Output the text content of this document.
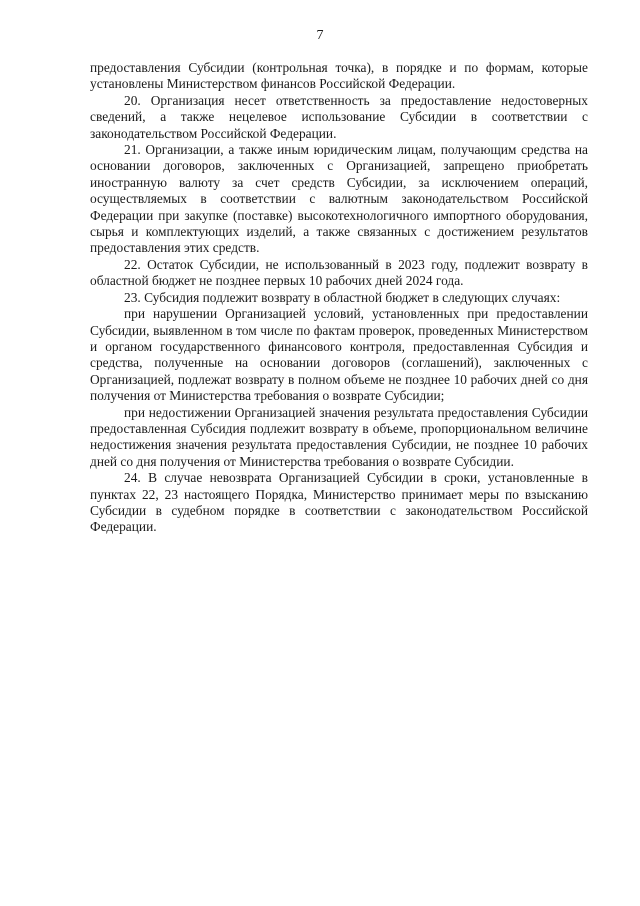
7

предоставления Субсидии (контрольная точка), в порядке и по формам, которые установлены Министерством финансов Российской Федерации.

20. Организация несет ответственность за предоставление недостоверных сведений, а также нецелевое использование Субсидии в соответствии с законодательством Российской Федерации.

21. Организации, а также иным юридическим лицам, получающим средства на основании договоров, заключенных с Организацией, запрещено приобретать иностранную валюту за счет средств Субсидии, за исключением операций, осуществляемых в соответствии с валютным законодательством Российской Федерации при закупке (поставке) высокотехнологичного импортного оборудования, сырья и комплектующих изделий, а также связанных с достижением результатов предоставления этих средств.

22. Остаток Субсидии, не использованный в 2023 году, подлежит возврату в областной бюджет не позднее первых 10 рабочих дней 2024 года.

23. Субсидия подлежит возврату в областной бюджет в следующих случаях:

при нарушении Организацией условий, установленных при предоставлении Субсидии, выявленном в том числе по фактам проверок, проведенных Министерством и органом государственного финансового контроля, предоставленная Субсидия и средства, полученные на основании договоров (соглашений), заключенных с Организацией, подлежат возврату в полном объеме не позднее 10 рабочих дней со дня получения от Министерства требования о возврате Субсидии;

при недостижении Организацией значения результата предоставления Субсидии предоставленная Субсидия подлежит возврату в объеме, пропорциональном величине недостижения значения результата предоставления Субсидии, не позднее 10 рабочих дней со дня получения от Министерства требования о возврате Субсидии.

24. В случае невозврата Организацией Субсидии в сроки, установленные в пунктах 22, 23 настоящего Порядка, Министерство принимает меры по взысканию Субсидии в судебном порядке в соответствии с законодательством Российской Федерации.
